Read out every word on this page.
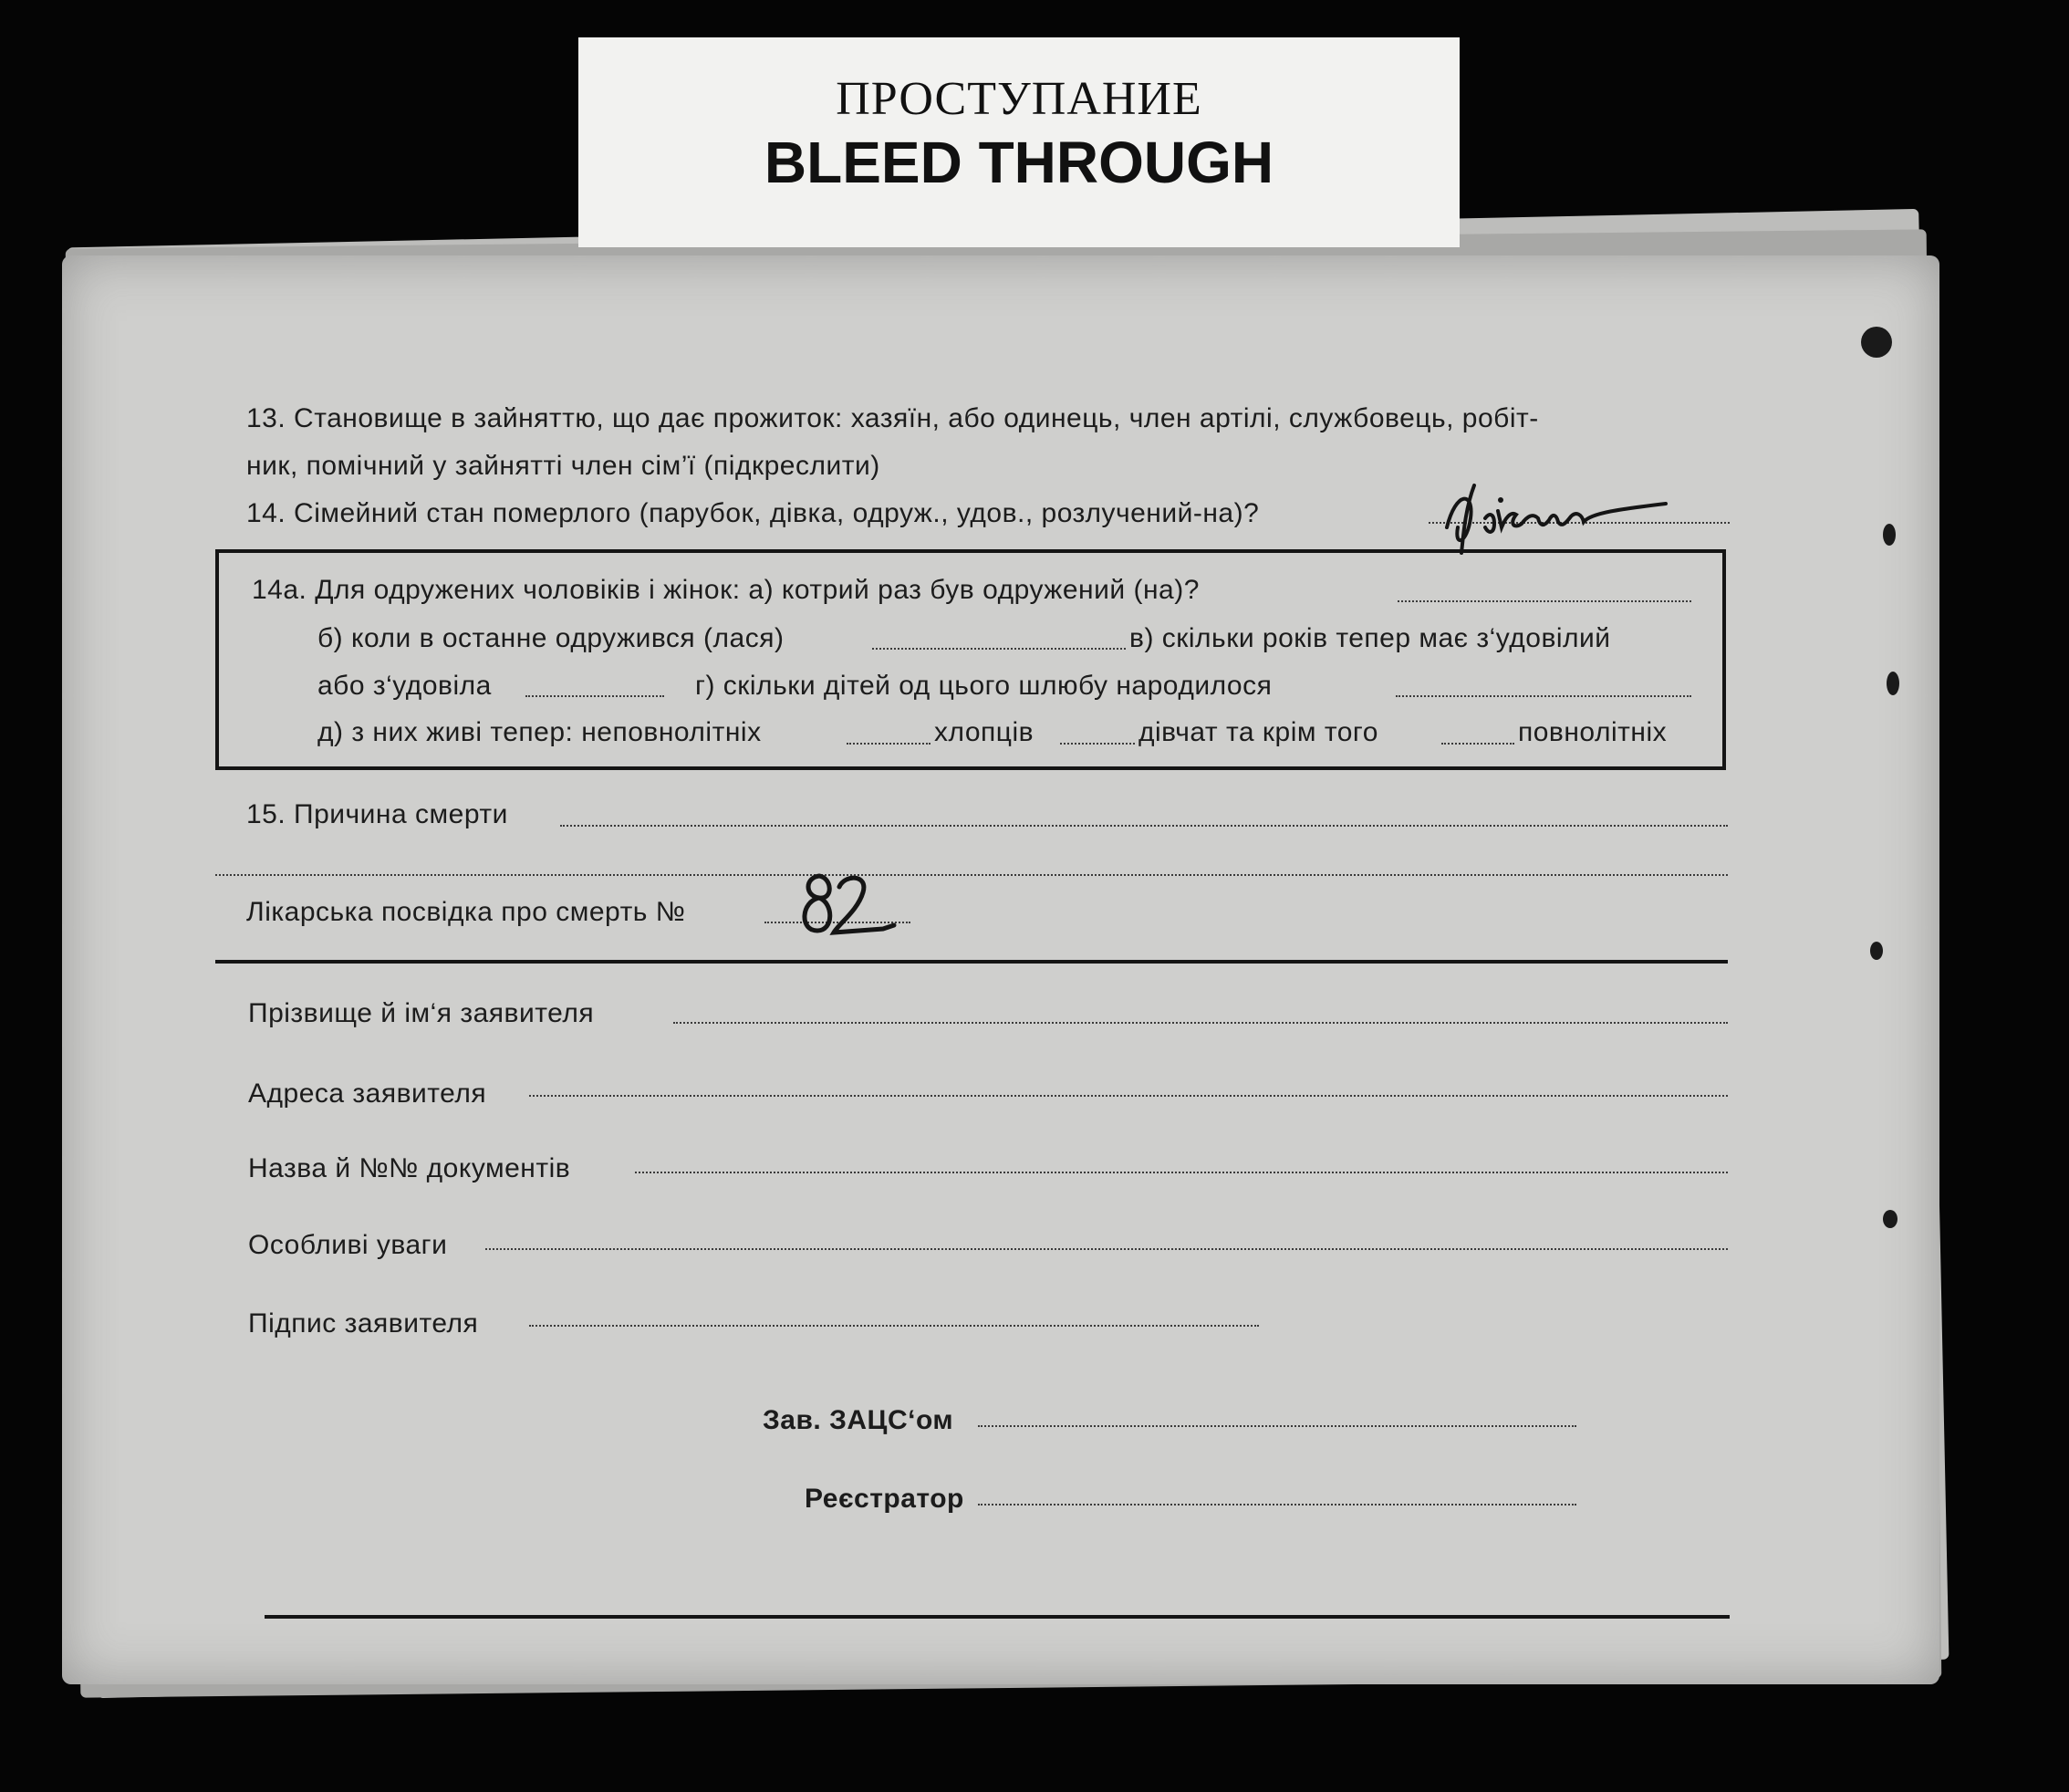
ПРОСТУПАНИЕ
BLEED THROUGH
13. Становище в зайняттю, що дає прожиток: хазяїн, або одинець, член артілі, службовець, робіт-
ник, помічний у зайнятті член сім’ї (підкреслити)
14. Сімейний стан померлого (парубок, дівка, одруж., удов., розлучений-на)?
14а. Для одружених чоловіків і жінок: а) котрий раз був одружений (на)?
б) коли в останне одружився (лася)	в) скільки років тепер має з‘удовілий
або з‘удовіла	г) скільки дітей од цього шлюбу народилося
д) з них живі тепер: неповнолітніх	хлопців	дівчат та крім того	повнолітніх
15. Причина смерти
Лікарська посвідка про смерть №
Прізвище й ім‘я заявителя
Адреса заявителя
Назва й №№ документів
Особливі уваги
Підпис заявителя
Зав. ЗАЦС‘ом
Реєстратор
